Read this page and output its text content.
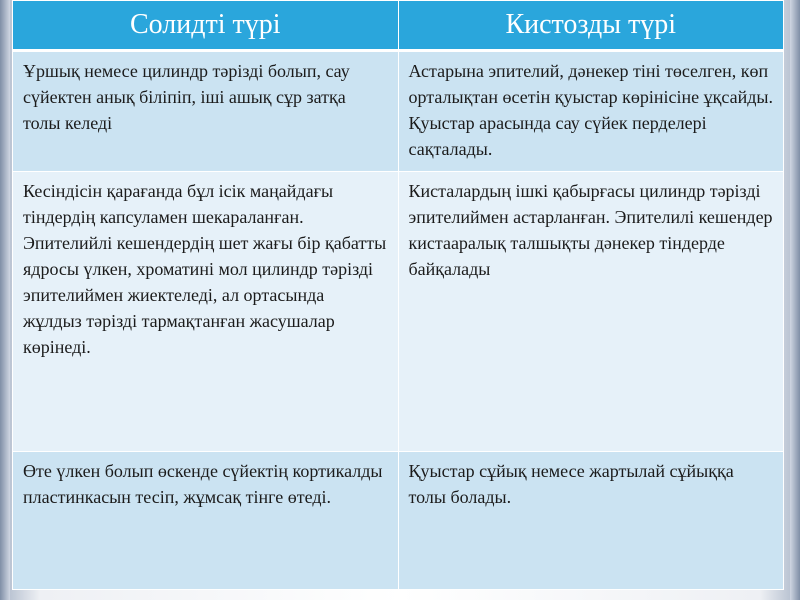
Солидті түрі	Кистозды түрі
Ұршық немесе цилиндр тәрізді болып, сау сүйектен анық біліпіп, іші ашық сұр затқа толы келеді	Астарына эпителий, дәнекер тіні төселген, көп орталықтан өсетін қуыстар көрінісіне ұқсайды. Қуыстар арасында сау сүйек перделері сақталады.
Кесіндісін қарағанда бұл ісік маңайдағы тіндердің капсуламен шекараланған. Эпителийлі кешендердің шет жағы бір қабатты ядросы үлкен, хроматині мол цилиндр тәрізді эпителиймен жиектеледі, ал ортасында жұлдыз тәрізді тармақтанған жасушалар көрінеді.	Кисталардың ішкі қабырғасы цилиндр тәрізді эпителиймен астарланған. Эпителилі кешендер кистааралық талшықты дәнекер тіндерде байқалады
Өте үлкен болып өскенде сүйектің кортикалды пластинкасын тесіп, жұмсақ тінге өтеді.	Қуыстар сұйық немесе жартылай сұйыққа толы болады.
